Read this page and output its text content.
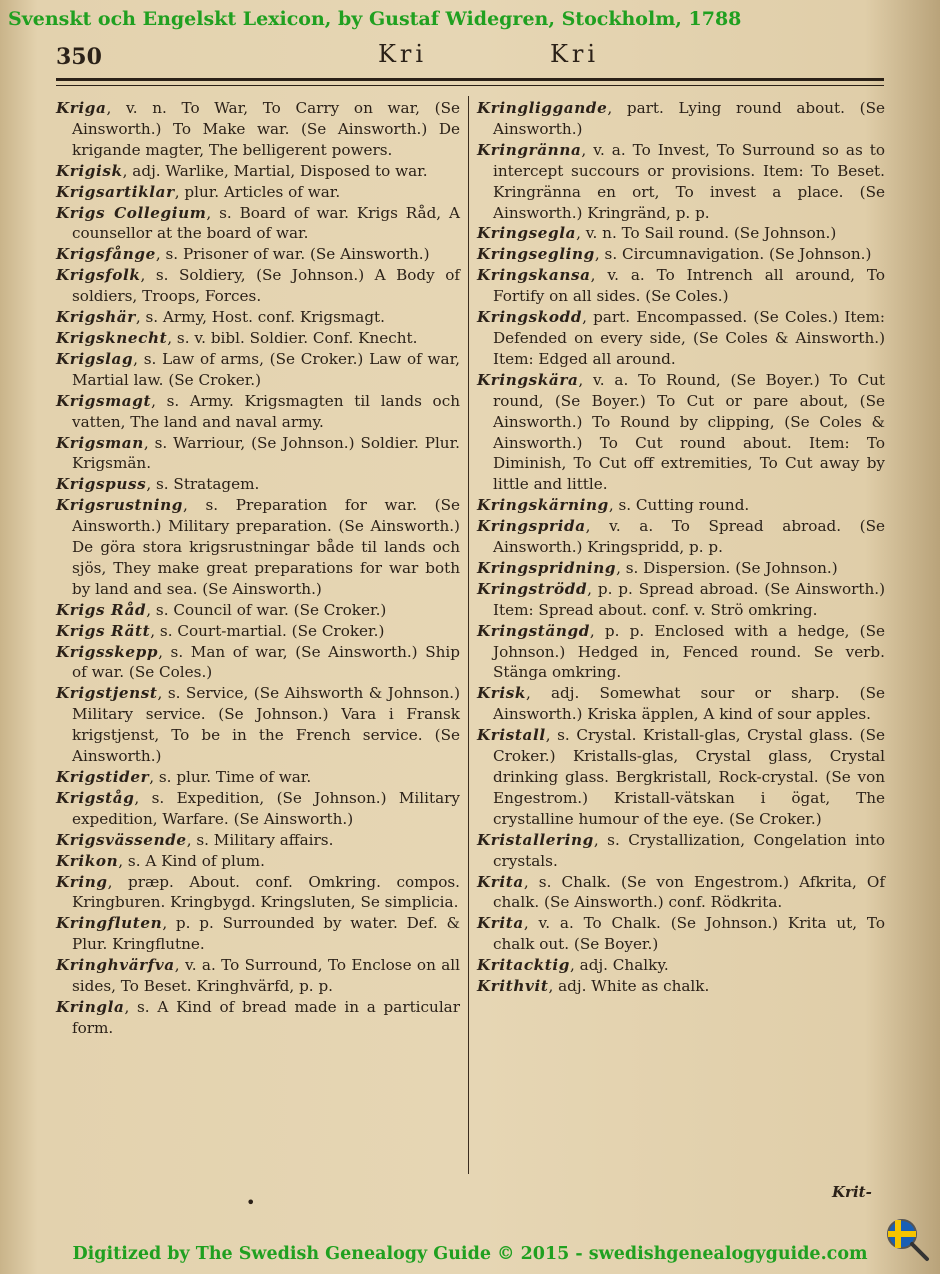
Svenskt och Engelskt Lexicon, by Gustaf Widegren, Stockholm, 1788
350	Kri	Kri

Kriga, v. n. To War, To Carry on war, (Se Ainsworth.) To Make war. (Se Ainsworth.) De krigande magter, The belligerent powers.

Krigisk, adj. Warlike, Martial, Disposed to war.

Krigsartiklar, plur. Articles of war.

Krigs Collegium, s. Board of war. Krigs Råd, A counsellor at the board of war.

Krigsfånge, s. Prisoner of war. (Se Ainsworth.)

Krigsfolk, s. Soldiery, (Se Johnson.) A Body of soldiers, Troops, Forces.

Krigshär, s. Army, Host. conf. Krigsmagt.

Krigsknecht, s. v. bibl. Soldier. Conf. Knecht.

Krigslag, s. Law of arms, (Se Croker.) Law of war, Martial law. (Se Croker.)

Krigsmagt, s. Army. Krigsmagten til lands och vatten, The land and naval army.

Krigsman, s. Warriour, (Se Johnson.) Soldier. Plur. Krigsmän.

Krigspuss, s. Stratagem.

Krigsrustning, s. Preparation for war. (Se Ainsworth.) Military preparation. (Se Ainsworth.) De göra stora krigsrustningar både til lands och sjös, They make great preparations for war both by land and sea. (Se Ainsworth.)

Krigs Råd, s. Council of war. (Se Croker.)

Krigs Rätt, s. Court-martial. (Se Croker.)

Krigsskepp, s. Man of war, (Se Ainsworth.) Ship of war. (Se Coles.)

Krigstjenst, s. Service, (Se Aihsworth & Johnson.) Military service. (Se Johnson.) Vara i Fransk krigstjenst, To be in the French service. (Se Ainsworth.)

Krigstider, s. plur. Time of war.

Krigståg, s. Expedition, (Se Johnson.) Military expedition, Warfare. (Se Ainsworth.)

Krigsvässende, s. Military affairs.

Krikon, s. A Kind of plum.

Kring, præp. About. conf. Omkring. compos. Kringburen. Kringbygd. Kringsluten, Se simplicia.

Kringfluten, p. p. Surrounded by water. Def. & Plur. Kringflutne.

Kringhvärfva, v. a. To Surround, To Enclose on all sides, To Beset. Kringhvärfd, p. p.

Kringla, s. A Kind of bread made in a particular form.

Kringliggande, part. Lying round about. (Se Ainsworth.)

Kringränna, v. a. To Invest, To Surround so as to intercept succours or provisions. Item: To Beset. Kringränna en ort, To invest a place. (Se Ainsworth.) Kringränd, p. p.

Kringsegla, v. n. To Sail round. (Se Johnson.)

Kringsegling, s. Circumnavigation. (Se Johnson.)

Kringskansa, v. a. To Intrench all around, To Fortify on all sides. (Se Coles.)

Kringskodd, part. Encompassed. (Se Coles.) Item: Defended on every side, (Se Coles & Ainsworth.) Item: Edged all around.

Kringskära, v. a. To Round, (Se Boyer.) To Cut round, (Se Boyer.) To Cut or pare about, (Se Ainsworth.) To Round by clipping, (Se Coles & Ainsworth.) To Cut round about. Item: To Diminish, To Cut off extremities, To Cut away by little and little.

Kringskärning, s. Cutting round.

Kringsprida, v. a. To Spread abroad. (Se Ainsworth.) Kringspridd, p. p.

Kringspridning, s. Dispersion. (Se Johnson.)

Kringströdd, p. p. Spread abroad. (Se Ainsworth.) Item: Spread about. conf. v. Strö omkring.

Kringstängd, p. p. Enclosed with a hedge, (Se Johnson.) Hedged in, Fenced round. Se verb. Stänga omkring.

Krisk, adj. Somewhat sour or sharp. (Se Ainsworth.) Kriska äpplen, A kind of sour apples.

Kristall, s. Crystal. Kristall-glas, Crystal glass. (Se Croker.) Kristalls-glas, Crystal glass, Crystal drinking glass. Bergkristall, Rock-crystal. (Se von Engestrom.) Kristall-vätskan i ögat, The crystalline humour of the eye. (Se Croker.)

Kristallering, s. Crystallization, Congelation into crystals.

Krita, s. Chalk. (Se von Engestrom.) Afkrita, Of chalk. (Se Ainsworth.) conf. Rödkrita.

Krita, v. a. To Chalk. (Se Johnson.) Krita ut, To chalk out. (Se Boyer.)

Kritacktig, adj. Chalky.

Krithvit, adj. White as chalk.

•
Krit-
Digitized by The Swedish Genealogy Guide © 2015 - swedishgenealogyguide.com
